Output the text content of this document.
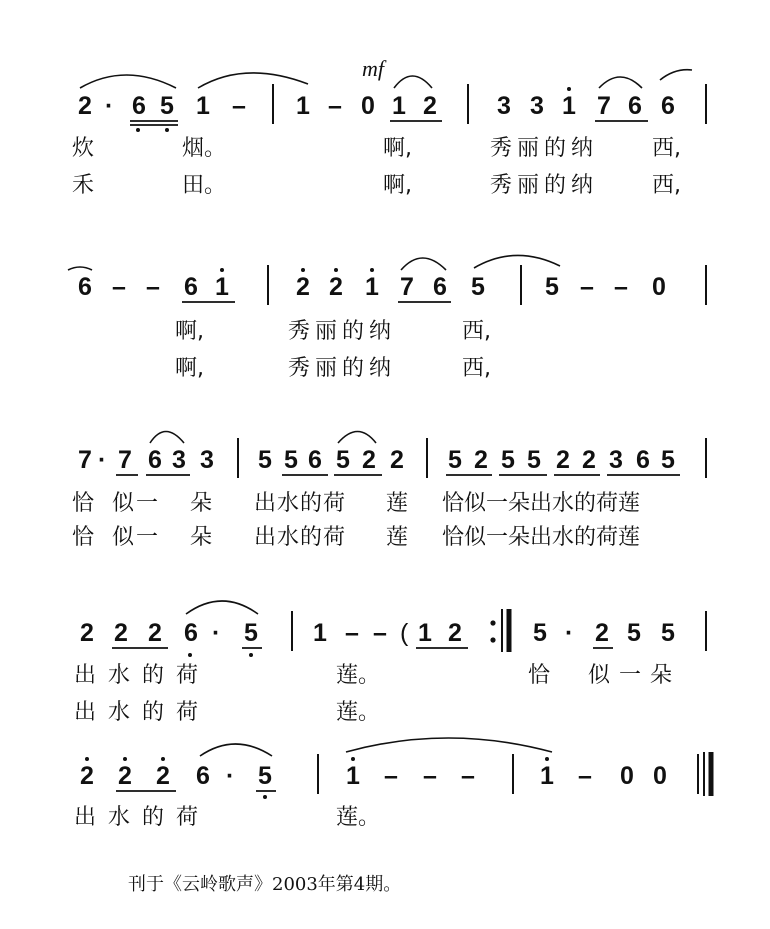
mf
2 · 6 5 1 – 1 – 0 1 2 3 3 1 7 6 6
炊	烟。	啊,	秀丽的纳 西,
禾	田。	啊,	秀丽的纳 西,
6 – – 6 1	2 2 1 7 6 5 5 – – 0
啊,	秀丽的纳	西,
啊,	秀丽的纳	西,
7 · 7 6 3 3 5 5 6 5 2 2 5 2 5 5 2 2 3 6 5
恰 似一 朵 出水的荷 莲 恰似一朵出水的荷莲
恰 似一 朵 出水的荷 莲 恰似一朵出水的荷莲
2 2 2 6 · 5 1 – – ( 1 2	5 · 2 5 5
出水的荷	莲。	恰 似一朵
出水的荷	莲。
2 2 2 6 · 5	1 – – –	1 – 0 0
出水的荷	莲。
刊于《云岭歌声》2003年第4期。
